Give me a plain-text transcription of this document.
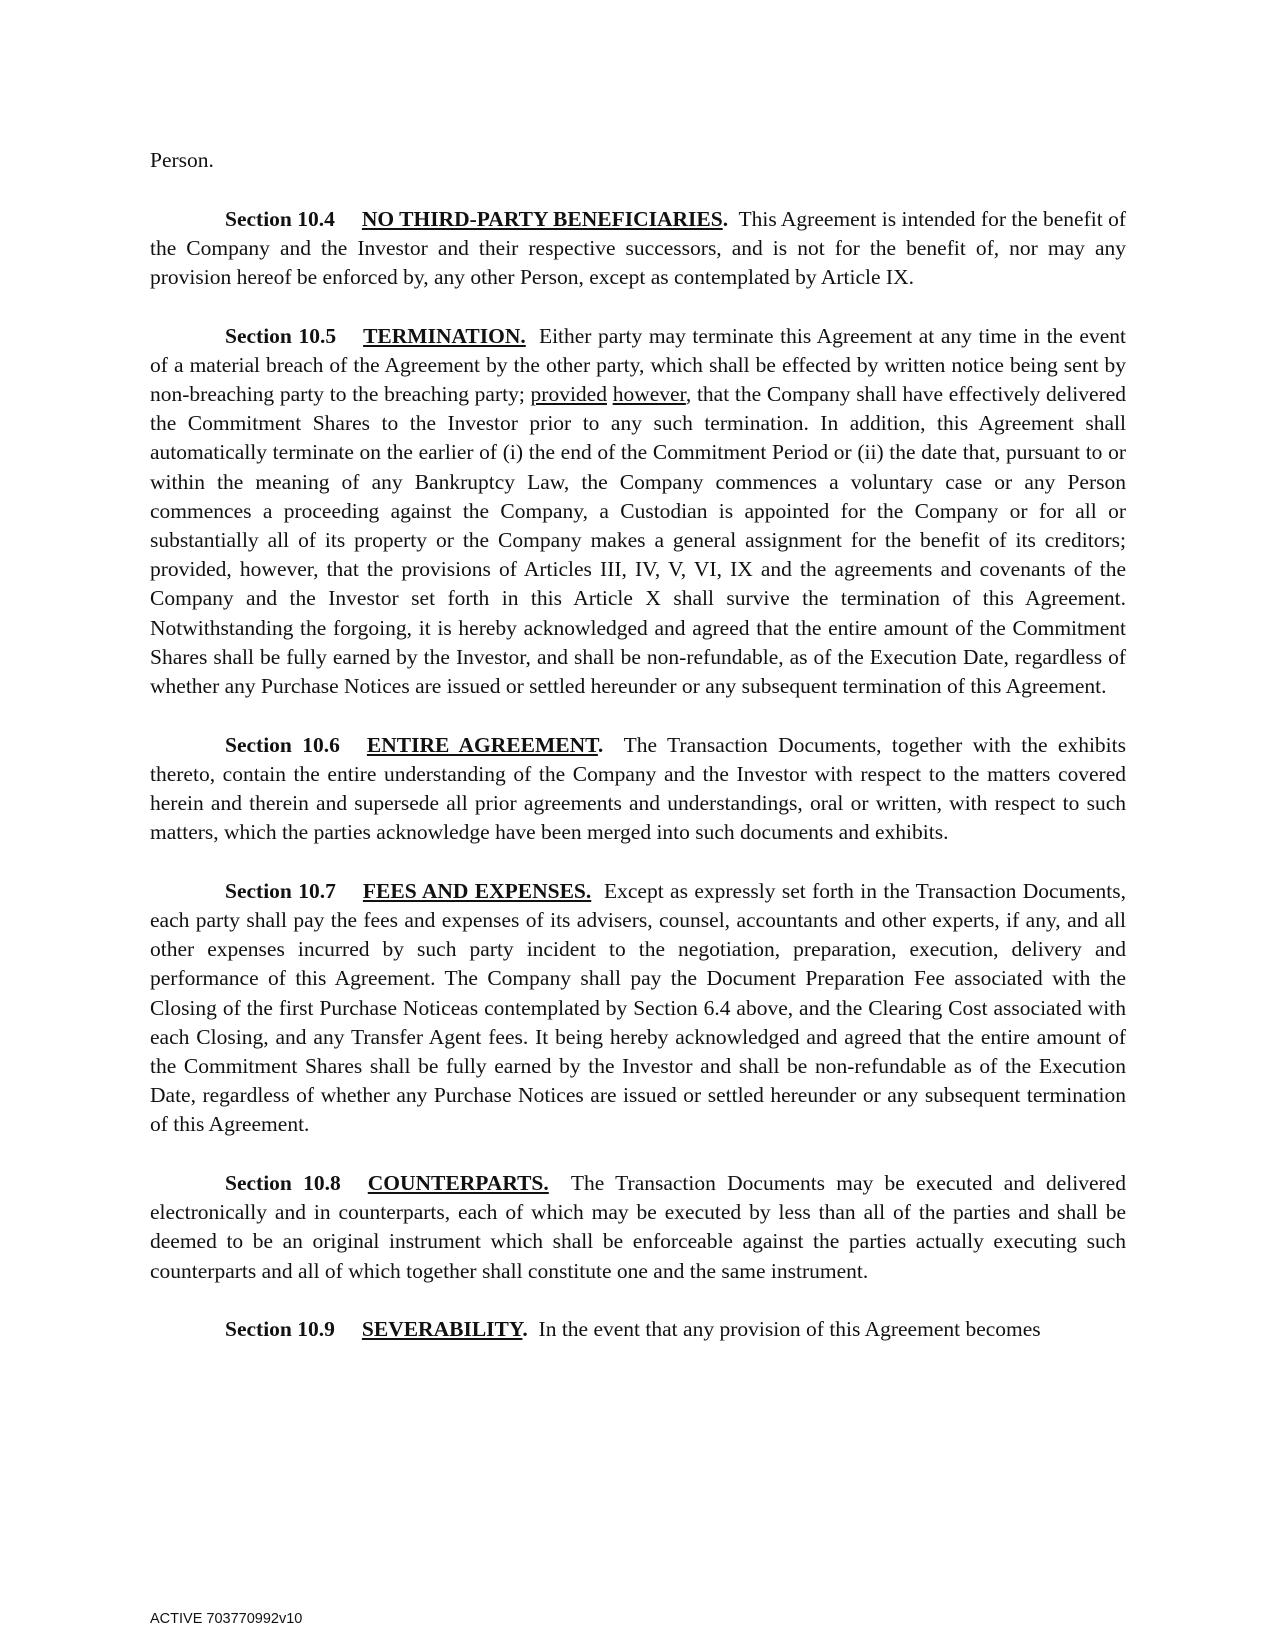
Person.

Section 10.4 NO THIRD-PARTY BENEFICIARIES. This Agreement is intended for the benefit of the Company and the Investor and their respective successors, and is not for the benefit of, nor may any provision hereof be enforced by, any other Person, except as contemplated by Article IX.

Section 10.5 TERMINATION. Either party may terminate this Agreement at any time in the event of a material breach of the Agreement by the other party, which shall be effected by written notice being sent by non-breaching party to the breaching party; provided however, that the Company shall have effectively delivered the Commitment Shares to the Investor prior to any such termination. In addition, this Agreement shall automatically terminate on the earlier of (i) the end of the Commitment Period or (ii) the date that, pursuant to or within the meaning of any Bankruptcy Law, the Company commences a voluntary case or any Person commences a proceeding against the Company, a Custodian is appointed for the Company or for all or substantially all of its property or the Company makes a general assignment for the benefit of its creditors; provided, however, that the provisions of Articles III, IV, V, VI, IX and the agreements and covenants of the Company and the Investor set forth in this Article X shall survive the termination of this Agreement. Notwithstanding the forgoing, it is hereby acknowledged and agreed that the entire amount of the Commitment Shares shall be fully earned by the Investor, and shall be non-refundable, as of the Execution Date, regardless of whether any Purchase Notices are issued or settled hereunder or any subsequent termination of this Agreement.

Section 10.6 ENTIRE AGREEMENT. The Transaction Documents, together with the exhibits thereto, contain the entire understanding of the Company and the Investor with respect to the matters covered herein and therein and supersede all prior agreements and understandings, oral or written, with respect to such matters, which the parties acknowledge have been merged into such documents and exhibits.

Section 10.7 FEES AND EXPENSES. Except as expressly set forth in the Transaction Documents, each party shall pay the fees and expenses of its advisers, counsel, accountants and other experts, if any, and all other expenses incurred by such party incident to the negotiation, preparation, execution, delivery and performance of this Agreement. The Company shall pay the Document Preparation Fee associated with the Closing of the first Purchase Noticeas contemplated by Section 6.4 above, and the Clearing Cost associated with each Closing, and any Transfer Agent fees. It being hereby acknowledged and agreed that the entire amount of the Commitment Shares shall be fully earned by the Investor and shall be non-refundable as of the Execution Date, regardless of whether any Purchase Notices are issued or settled hereunder or any subsequent termination of this Agreement.

Section 10.8 COUNTERPARTS. The Transaction Documents may be executed and delivered electronically and in counterparts, each of which may be executed by less than all of the parties and shall be deemed to be an original instrument which shall be enforceable against the parties actually executing such counterparts and all of which together shall constitute one and the same instrument.

Section 10.9 SEVERABILITY. In the event that any provision of this Agreement becomes

ACTIVE 703770992v10
